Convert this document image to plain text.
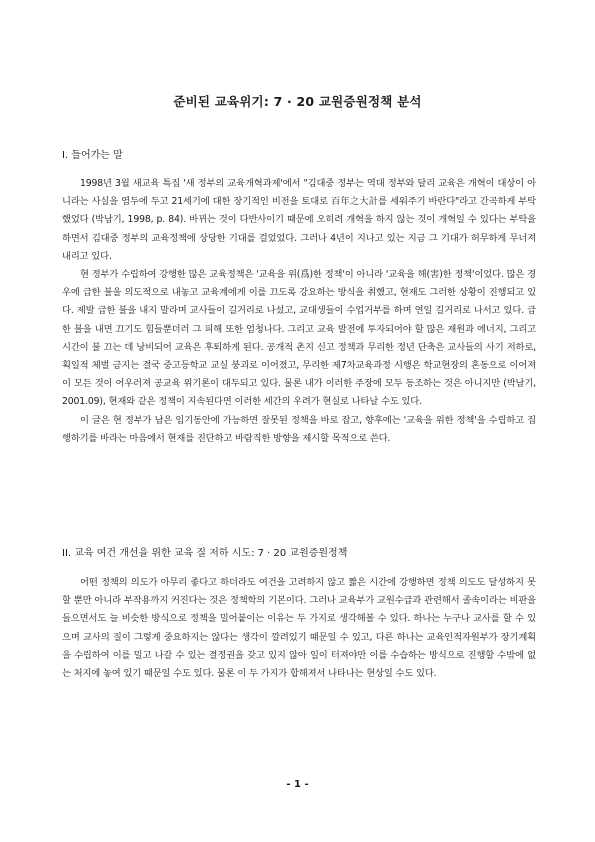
준비된 교육위기: 7 · 20 교원증원정책 분석
I. 들어가는 말

1998년 3월 새교육 특집 '새 정부의 교육개혁과제'에서 "김대중 정부는 역대 정부와 달리 교육은 개혁이 대상이 아니라는 사실을 염두에 두고 21세기에 대한 장기적인 비전을 토대로 百年之大計를 세워주기 바란다"라고 간곡하게 부탁했었다 (박남기, 1998, p. 84). 바뀌는 것이 다반사이기 때문에 오히려 개혁을 하지 않는 것이 개혁일 수 있다는 부탁을 하면서 김대중 정부의 교육정책에 상당한 기대를 걸었었다. 그러나 4년이 지나고 있는 지금 그 기대가 허무하게 무너져 내리고 있다.

현 정부가 수립하여 강행한 많은 교육정책은 '교육을 위(爲)한 정책'이 아니라 '교육을 해(害)한 정책'이었다. 많은 경우에 급한 불을 의도적으로 내놓고 교육계에게 이를 끄도록 강요하는 방식을 취했고, 현재도 그러한 상황이 진행되고 있다. 제발 급한 불을 내지 말라며 교사들이 길거리로 나섰고, 교대생들이 수업거부를 하며 연일 길거리로 나서고 있다. 급한 불을 내면 끄기도 힘들뿐더러 그 피해 또한 엄청나다. 그리고 교육 발전에 투자되어야 할 많은 재원과 에너지, 그리고 시간이 불 끄는 데 낭비되어 교육은 후퇴하게 된다. 공개적 촌지 신고 정책과 무리한 정년 단축은 교사들의 사기 저하로, 획일적 체벌 금지는 결국 중고등학교 교실 붕괴로 이어졌고, 무리한 제7차교육과정 시행은 학교현장의 혼동으로 이어져 이 모든 것이 어우러져 공교육 위기론이 대두되고 있다. 물론 내가 이러한 주장에 모두 동조하는 것은 아니지만 (박남기, 2001.09), 현재와 같은 정책이 지속된다면 이러한 세간의 우려가 현실로 나타날 수도 있다.

이 글은 현 정부가 남은 임기동안에 가능하면 잘못된 정책을 바로 잡고, 향후에는 '교육을 위한 정책'을 수립하고 집행하기를 바라는 마음에서 현재를 진단하고 바람직한 방향을 제시할 목적으로 쓴다.

II. 교육 여건 개선을 위한 교육 질 저하 시도: 7 · 20 교원증원정책

어떤 정책의 의도가 아무리 좋다고 하더라도 여건을 고려하지 않고 짧은 시간에 강행하면 정책 의도도 달성하지 못할 뿐만 아니라 부작용까지 커진다는 것은 정책학의 기본이다. 그러나 교육부가 교원수급과 관련해서 졸속이라는 비판을 들으면서도 늘 비슷한 방식으로 정책을 밀어붙이는 이유는 두 가지로 생각해볼 수 있다. 하나는 누구나 교사를 할 수 있으며 교사의 질이 그렇게 중요하지는 않다는 생각이 깔려있기 때문일 수 있고, 다른 하나는 교육인적자원부가 장기계획을 수립하여 이를 밀고 나갈 수 있는 결정권을 갖고 있지 않아 일이 터져야만 이를 수습하는 방식으로 진행할 수밖에 없는 처지에 놓여 있기 때문일 수도 있다. 물론 이 두 가지가 합해져서 나타나는 현상일 수도 있다.

- 1 -
